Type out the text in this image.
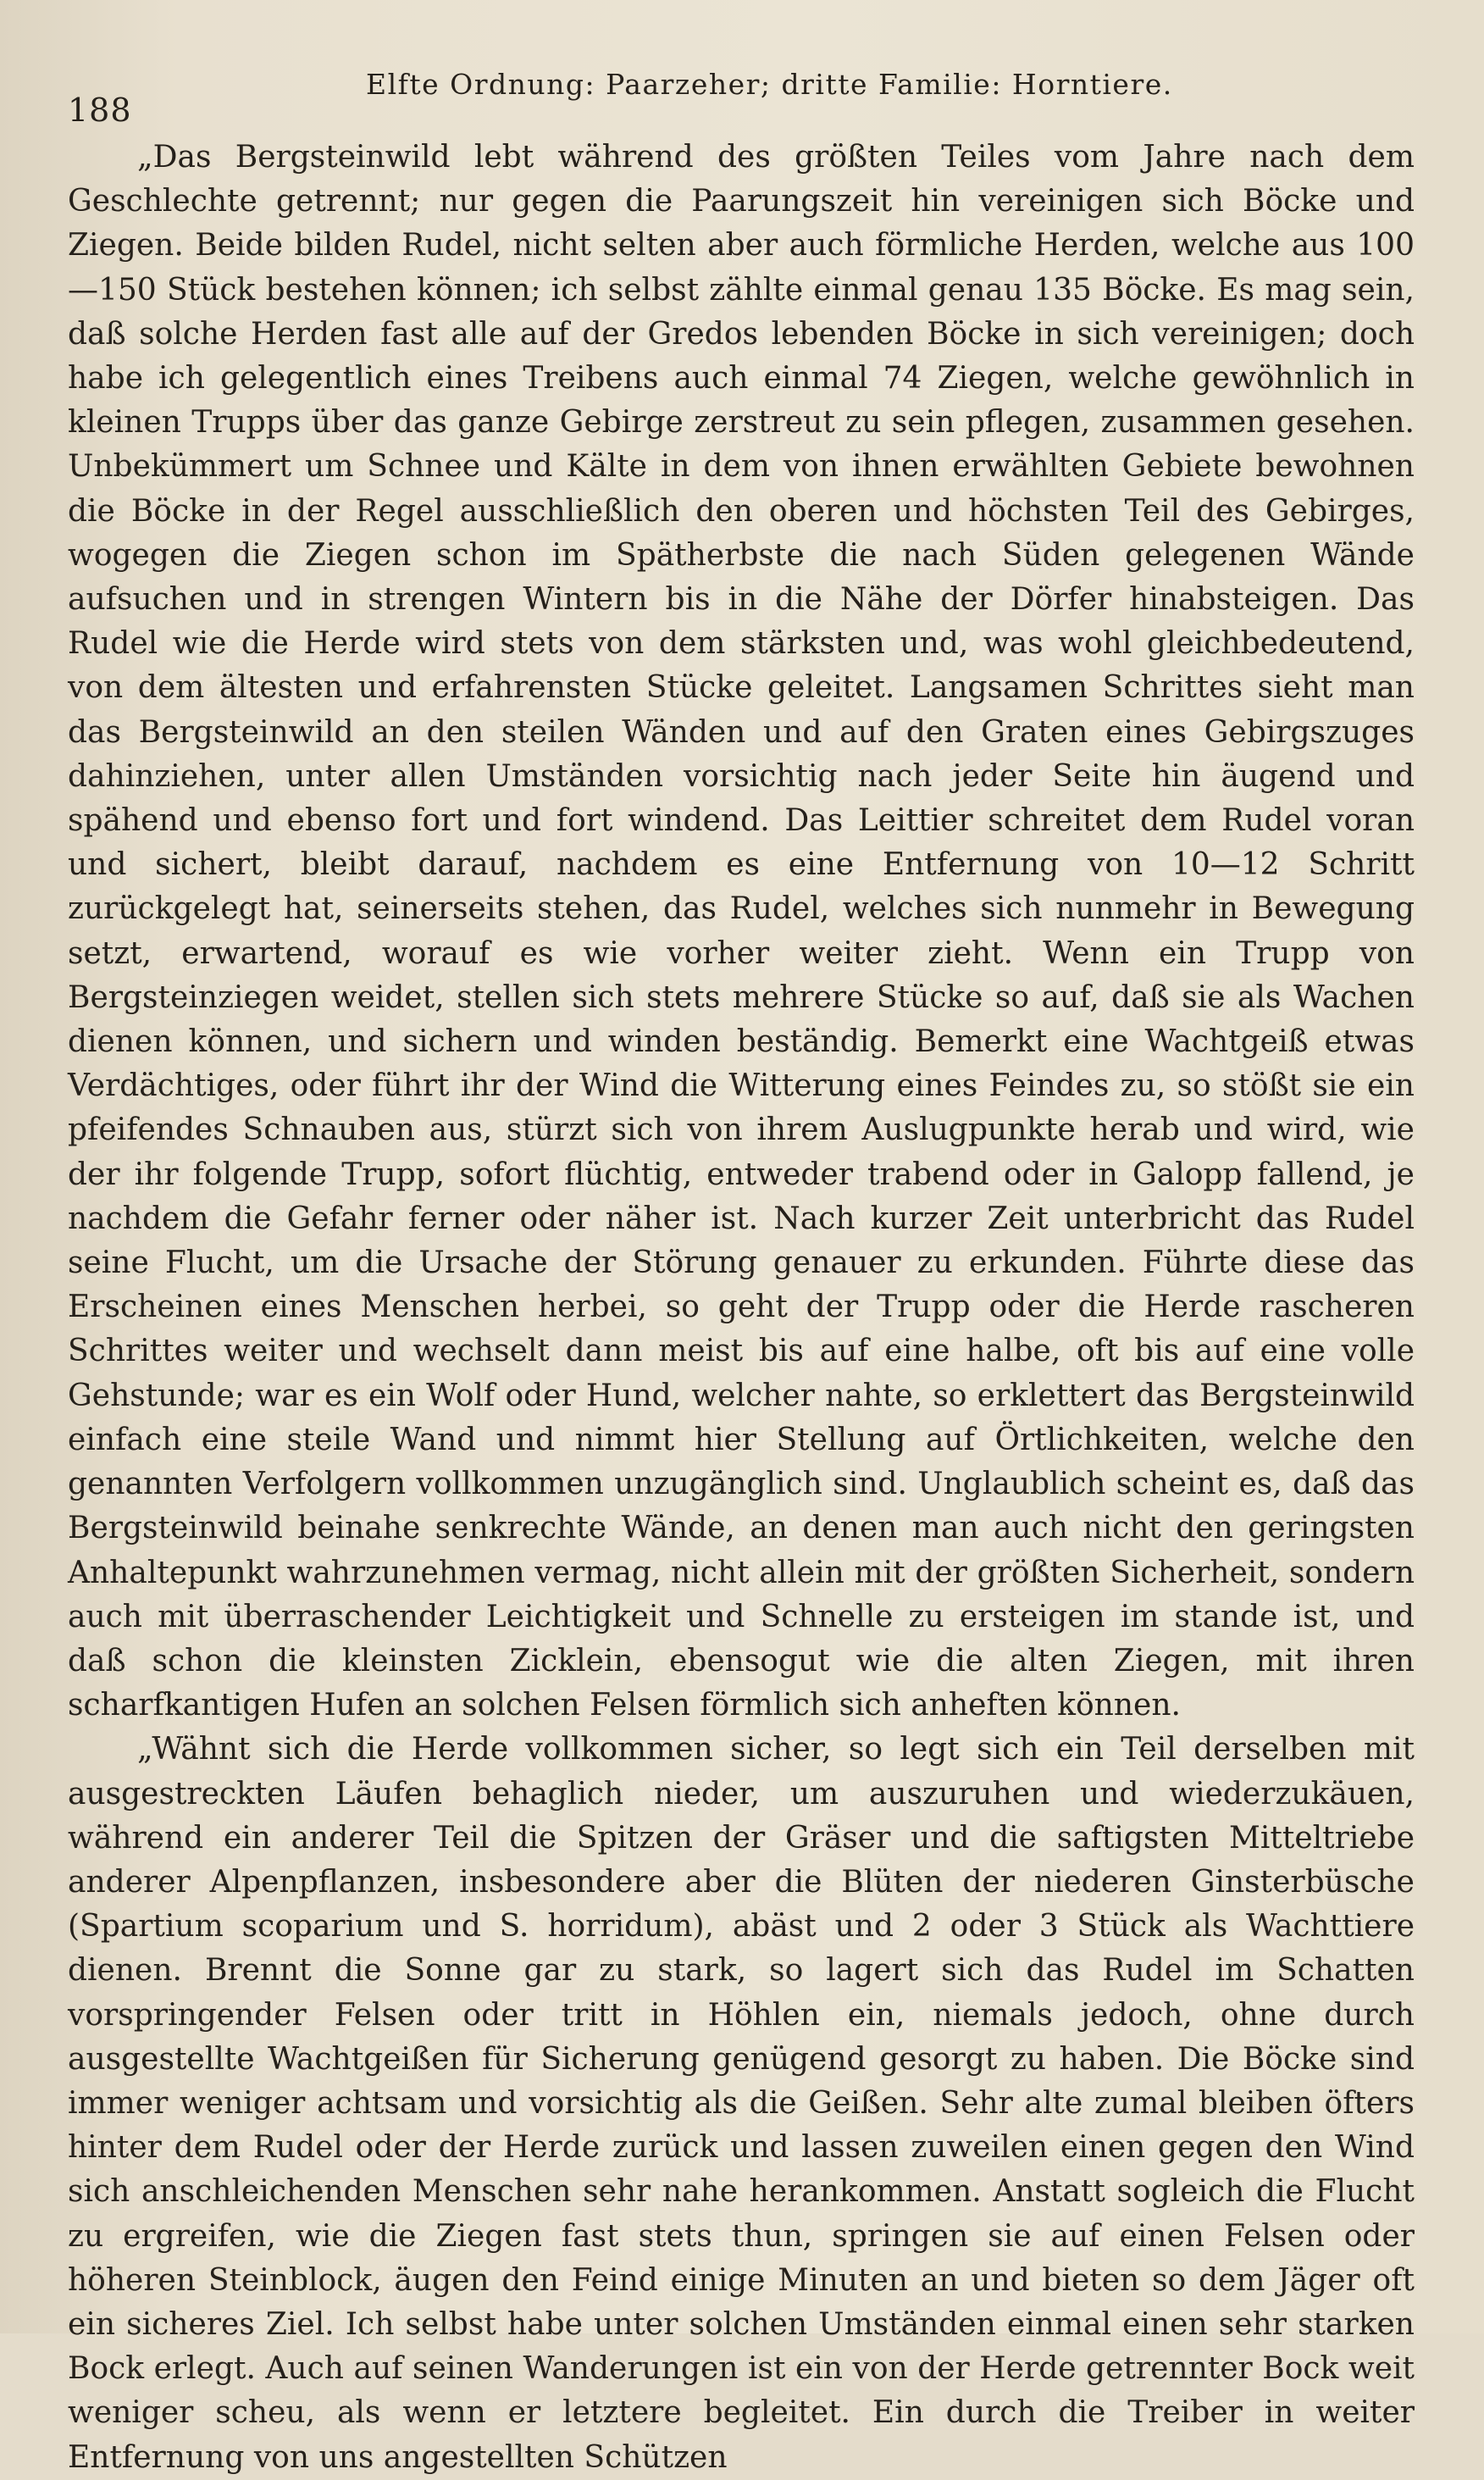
188
Elfte Ordnung: Paarzeher; dritte Familie: Horntiere.

„Das Bergsteinwild lebt während des größten Teiles vom Jahre nach dem Geschlechte getrennt; nur gegen die Paarungszeit hin vereinigen sich Böcke und Ziegen. Beide bilden Rudel, nicht selten aber auch förmliche Herden, welche aus 100—150 Stück bestehen können; ich selbst zählte einmal genau 135 Böcke. Es mag sein, daß solche Herden fast alle auf der Gredos lebenden Böcke in sich vereinigen; doch habe ich gelegentlich eines Treibens auch einmal 74 Ziegen, welche gewöhnlich in kleinen Trupps über das ganze Gebirge zerstreut zu sein pflegen, zusammen gesehen. Unbekümmert um Schnee und Kälte in dem von ihnen erwählten Gebiete bewohnen die Böcke in der Regel ausschließlich den oberen und höchsten Teil des Gebirges, wogegen die Ziegen schon im Spätherbste die nach Süden gelegenen Wände aufsuchen und in strengen Wintern bis in die Nähe der Dörfer hinabsteigen. Das Rudel wie die Herde wird stets von dem stärksten und, was wohl gleichbedeutend, von dem ältesten und erfahrensten Stücke geleitet. Langsamen Schrittes sieht man das Bergsteinwild an den steilen Wänden und auf den Graten eines Gebirgszuges dahinziehen, unter allen Umständen vorsichtig nach jeder Seite hin äugend und spähend und ebenso fort und fort windend. Das Leittier schreitet dem Rudel voran und sichert, bleibt darauf, nachdem es eine Entfernung von 10—12 Schritt zurückgelegt hat, seinerseits stehen, das Rudel, welches sich nunmehr in Bewegung setzt, erwartend, worauf es wie vorher weiter zieht. Wenn ein Trupp von Bergsteinziegen weidet, stellen sich stets mehrere Stücke so auf, daß sie als Wachen dienen können, und sichern und winden beständig. Bemerkt eine Wachtgeiß etwas Verdächtiges, oder führt ihr der Wind die Witterung eines Feindes zu, so stößt sie ein pfeifendes Schnauben aus, stürzt sich von ihrem Auslugpunkte herab und wird, wie der ihr folgende Trupp, sofort flüchtig, entweder trabend oder in Galopp fallend, je nachdem die Gefahr ferner oder näher ist. Nach kurzer Zeit unterbricht das Rudel seine Flucht, um die Ursache der Störung genauer zu erkunden. Führte diese das Erscheinen eines Menschen herbei, so geht der Trupp oder die Herde rascheren Schrittes weiter und wechselt dann meist bis auf eine halbe, oft bis auf eine volle Gehstunde; war es ein Wolf oder Hund, welcher nahte, so erklettert das Bergsteinwild einfach eine steile Wand und nimmt hier Stellung auf Örtlichkeiten, welche den genannten Verfolgern vollkommen unzugänglich sind. Unglaublich scheint es, daß das Bergsteinwild beinahe senkrechte Wände, an denen man auch nicht den geringsten Anhaltepunkt wahrzunehmen vermag, nicht allein mit der größten Sicherheit, sondern auch mit überraschender Leichtigkeit und Schnelle zu ersteigen im stande ist, und daß schon die kleinsten Zicklein, ebensogut wie die alten Ziegen, mit ihren scharfkantigen Hufen an solchen Felsen förmlich sich anheften können.

„Wähnt sich die Herde vollkommen sicher, so legt sich ein Teil derselben mit ausgestreckten Läufen behaglich nieder, um auszuruhen und wiederzukäuen, während ein anderer Teil die Spitzen der Gräser und die saftigsten Mitteltriebe anderer Alpenpflanzen, insbesondere aber die Blüten der niederen Ginsterbüsche (Spartium scoparium und S. horridum), abäst und 2 oder 3 Stück als Wachttiere dienen. Brennt die Sonne gar zu stark, so lagert sich das Rudel im Schatten vorspringender Felsen oder tritt in Höhlen ein, niemals jedoch, ohne durch ausgestellte Wachtgeißen für Sicherung genügend gesorgt zu haben. Die Böcke sind immer weniger achtsam und vorsichtig als die Geißen. Sehr alte zumal bleiben öfters hinter dem Rudel oder der Herde zurück und lassen zuweilen einen gegen den Wind sich anschleichenden Menschen sehr nahe herankommen. Anstatt sogleich die Flucht zu ergreifen, wie die Ziegen fast stets thun, springen sie auf einen Felsen oder höheren Steinblock, äugen den Feind einige Minuten an und bieten so dem Jäger oft ein sicheres Ziel. Ich selbst habe unter solchen Umständen einmal einen sehr starken Bock erlegt. Auch auf seinen Wanderungen ist ein von der Herde getrennter Bock weit weniger scheu, als wenn er letztere begleitet. Ein durch die Treiber in weiter Entfernung von uns angestellten Schützen
